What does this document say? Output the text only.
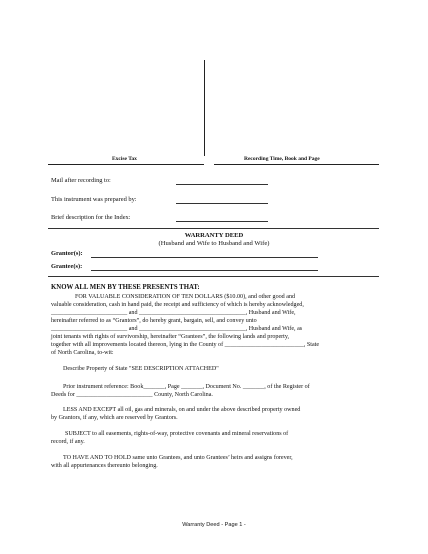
Excise Tax	Recording Time, Book and Page
Mail after recording to:
This instrument was prepared by:
Brief description for the Index:
WARRANTY DEED
(Husband and Wife to Husband and Wife)
Grantor(s):
Grantee(s):
KNOW ALL MEN BY THESE PRESENTS THAT:
FOR VALUABLE CONSIDERATION OF TEN DOLLARS ($10.00), and other good and
valuable consideration, cash in hand paid, the receipt and sufficiency of which is hereby acknowledged,
_________________________ and ___________________________________, Husband and Wife,
hereinafter referred to as “Grantors”, do hereby grant, bargain, sell, and convey unto
_________________________ and ___________________________________, Husband and Wife, as
joint tenants with rights of survivorship, hereinafter “Grantees”, the following lands and property,
together with all improvements located thereon, lying in the County of __________________________, State
of North Carolina, to-wit:
Describe Property of State "SEE DESCRIPTION ATTACHED"
Prior instrument reference: Book_______, Page _______, Document No. _______, of the Register of
Deeds for _________________________ County, North Carolina.
LESS AND EXCEPT all oil, gas and minerals, on and under the above described property owned
by Grantors, if any, which are reserved by Grantors.
SUBJECT to all easements, rights-of-way, protective covenants and mineral reservations of
record, if any.
TO HAVE AND TO HOLD same unto Grantees, and unto Grantees’ heirs and assigns forever,
with all appurtenances thereunto belonging.
Warranty Deed - Page 1 -
